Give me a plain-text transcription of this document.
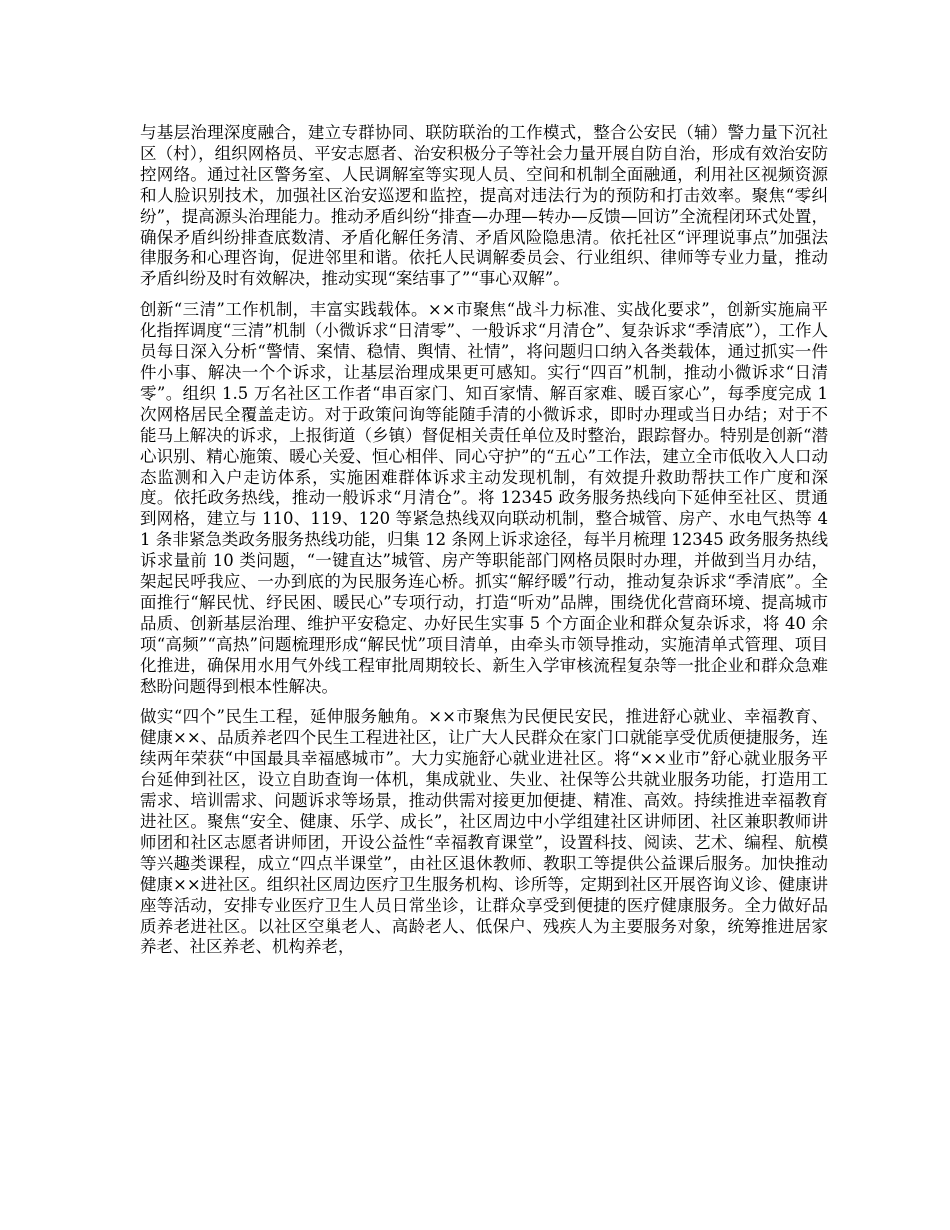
与基层治理深度融合，建立专群协同、联防联治的工作模式，整合公安民（辅）警力量下沉社区（村），组织网格员、平安志愿者、治安积极分子等社会力量开展自防自治，形成有效治安防控网络。通过社区警务室、人民调解室等实现人员、空间和机制全面融通，利用社区视频资源和人脸识别技术，加强社区治安巡逻和监控，提高对违法行为的预防和打击效率。聚焦“零纠纷”，提高源头治理能力。推动矛盾纠纷“排查—办理—转办—反馈—回访”全流程闭环式处置，确保矛盾纠纷排查底数清、矛盾化解任务清、矛盾风险隐患清。依托社区“评理说事点”加强法律服务和心理咨询，促进邻里和谐。依托人民调解委员会、行业组织、律师等专业力量，推动矛盾纠纷及时有效解决，推动实现“案结事了”“事心双解”。

创新“三清”工作机制，丰富实践载体。××市聚焦“战斗力标准、实战化要求”，创新实施扁平化指挥调度“三清”机制（小微诉求“日清零”、一般诉求“月清仓”、复杂诉求“季清底”），工作人员每日深入分析“警情、案情、稳情、舆情、社情”，将问题归口纳入各类载体，通过抓实一件件小事、解决一个个诉求，让基层治理成果更可感知。实行“四百”机制，推动小微诉求“日清零”。组织 1.5 万名社区工作者“串百家门、知百家情、解百家难、暖百家心”，每季度完成 1 次网格居民全覆盖走访。对于政策问询等能随手清的小微诉求，即时办理或当日办结；对于不能马上解决的诉求，上报街道（乡镇）督促相关责任单位及时整治，跟踪督办。特别是创新“潜心识别、精心施策、暖心关爱、恒心相伴、同心守护”的“五心”工作法，建立全市低收入人口动态监测和入户走访体系，实施困难群体诉求主动发现机制，有效提升救助帮扶工作广度和深度。依托政务热线，推动一般诉求“月清仓”。将 12345 政务服务热线向下延伸至社区、贯通到网格，建立与 110、119、120 等紧急热线双向联动机制，整合城管、房产、水电气热等 41 条非紧急类政务服务热线功能，归集 12 条网上诉求途径，每半月梳理 12345 政务服务热线诉求量前 10 类问题，“一键直达”城管、房产等职能部门网格员限时办理，并做到当月办结，架起民呼我应、一办到底的为民服务连心桥。抓实“解纾暖”行动，推动复杂诉求“季清底”。全面推行“解民忧、纾民困、暖民心”专项行动，打造“听劝”品牌，围绕优化营商环境、提高城市品质、创新基层治理、维护平安稳定、办好民生实事 5 个方面企业和群众复杂诉求，将 40 余项“高频”“高热”问题梳理形成“解民忧”项目清单，由牵头市领导推动，实施清单式管理、项目化推进，确保用水用气外线工程审批周期较长、新生入学审核流程复杂等一批企业和群众急难愁盼问题得到根本性解决。

做实“四个”民生工程，延伸服务触角。××市聚焦为民便民安民，推进舒心就业、幸福教育、健康××、品质养老四个民生工程进社区，让广大人民群众在家门口就能享受优质便捷服务，连续两年荣获“中国最具幸福感城市”。大力实施舒心就业进社区。将“××业市”舒心就业服务平台延伸到社区，设立自助查询一体机，集成就业、失业、社保等公共就业服务功能，打造用工需求、培训需求、问题诉求等场景，推动供需对接更加便捷、精准、高效。持续推进幸福教育进社区。聚焦“安全、健康、乐学、成长”，社区周边中小学组建社区讲师团、社区兼职教师讲师团和社区志愿者讲师团，开设公益性“幸福教育课堂”，设置科技、阅读、艺术、编程、航模等兴趣类课程，成立“四点半课堂”，由社区退休教师、教职工等提供公益课后服务。加快推动健康××进社区。组织社区周边医疗卫生服务机构、诊所等，定期到社区开展咨询义诊、健康讲座等活动，安排专业医疗卫生人员日常坐诊，让群众享受到便捷的医疗健康服务。全力做好品质养老进社区。以社区空巢老人、高龄老人、低保户、残疾人为主要服务对象，统筹推进居家养老、社区养老、机构养老，
